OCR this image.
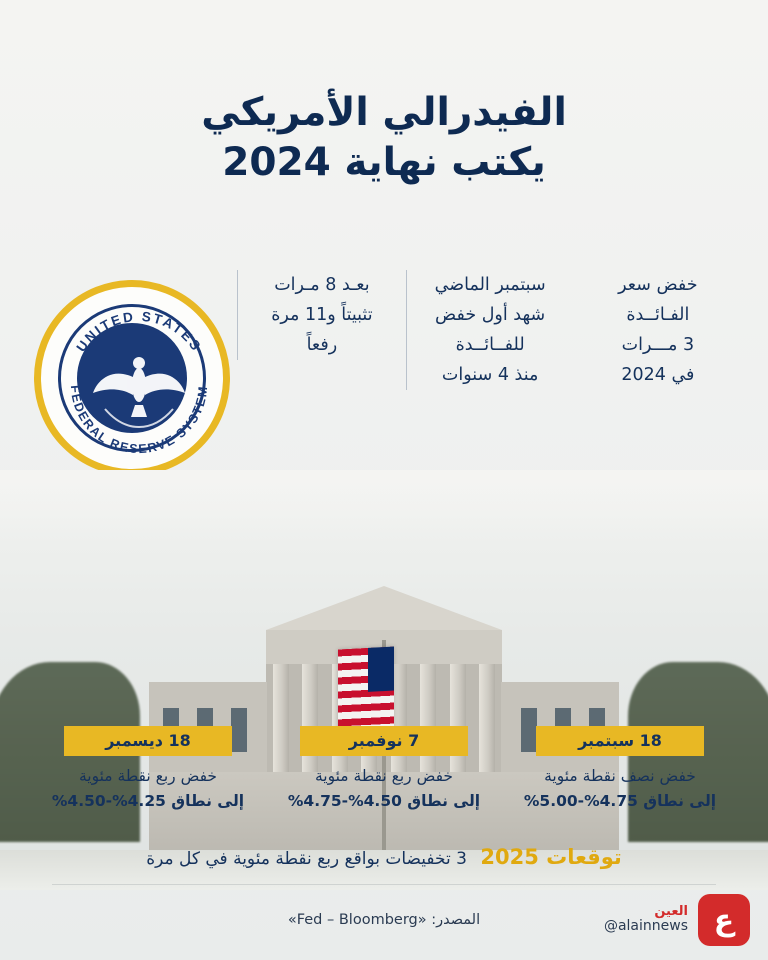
الفيدرالي الأمريكي
يكتب نهاية 2024

خفض سعر

الفـائــدة

3 مـــرات

في 2024

سبتمبر الماضي

شهد أول خفض

للفــائــدة

منذ 4 سنوات

بعـد 8 مـرات

تثبيتاً و11 مرة

رفعاً

UNITED STATES
FEDERAL RESERVE SYSTEM
18 سبتمبر
خفض نصف نقطة مئوية
إلى نطاق 4.75%-5.00%
7 نوفمبر
خفض ربع نقطة مئوية
إلى نطاق 4.50%-4.75%
18 ديسمبر
خفض ربع نقطة مئوية
إلى نطاق 4.25%-4.50%
توقعات 2025 3 تخفيضات بواقع ربع نقطة مئوية في كل مرة
المصدر: «Fed – Bloomberg»	ع
العين
@alainnews
